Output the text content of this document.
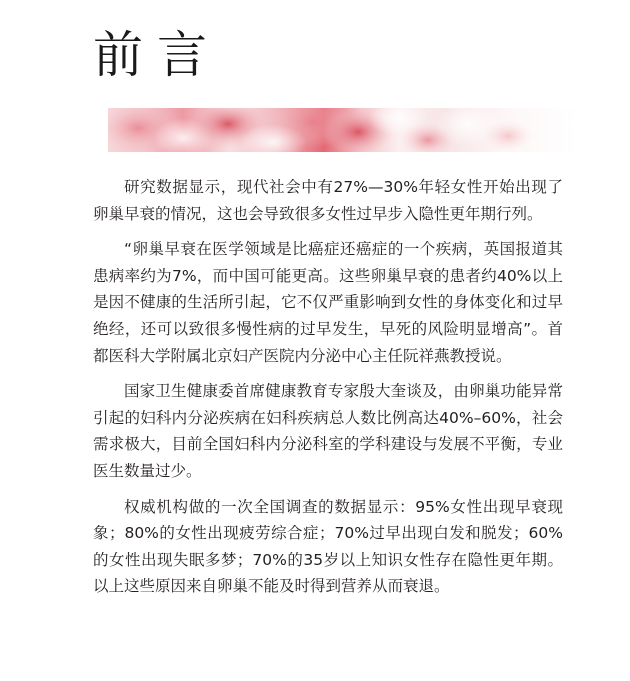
前言

研究数据显示，现代社会中有27%—30%年轻女性开始出现了卵巢早衰的情况，这也会导致很多女性过早步入隐性更年期行列。

“卵巢早衰在医学领域是比癌症还癌症的一个疾病，英国报道其患病率约为7%，而中国可能更高。这些卵巢早衰的患者约40%以上是因不健康的生活所引起，它不仅严重影响到女性的身体变化和过早绝经，还可以致很多慢性病的过早发生，早死的风险明显增高”。首都医科大学附属北京妇产医院内分泌中心主任阮祥燕教授说。

国家卫生健康委首席健康教育专家殷大奎谈及，由卵巢功能异常引起的妇科内分泌疾病在妇科疾病总人数比例高达40%–60%，社会需求极大，目前全国妇科内分泌科室的学科建设与发展不平衡，专业医生数量过少。

权威机构做的一次全国调查的数据显示：95%女性出现早衰现象；80%的女性出现疲劳综合症；70%过早出现白发和脱发；60%的女性出现失眠多梦；70%的35岁以上知识女性存在隐性更年期。以上这些原因来自卵巢不能及时得到营养从而衰退。
